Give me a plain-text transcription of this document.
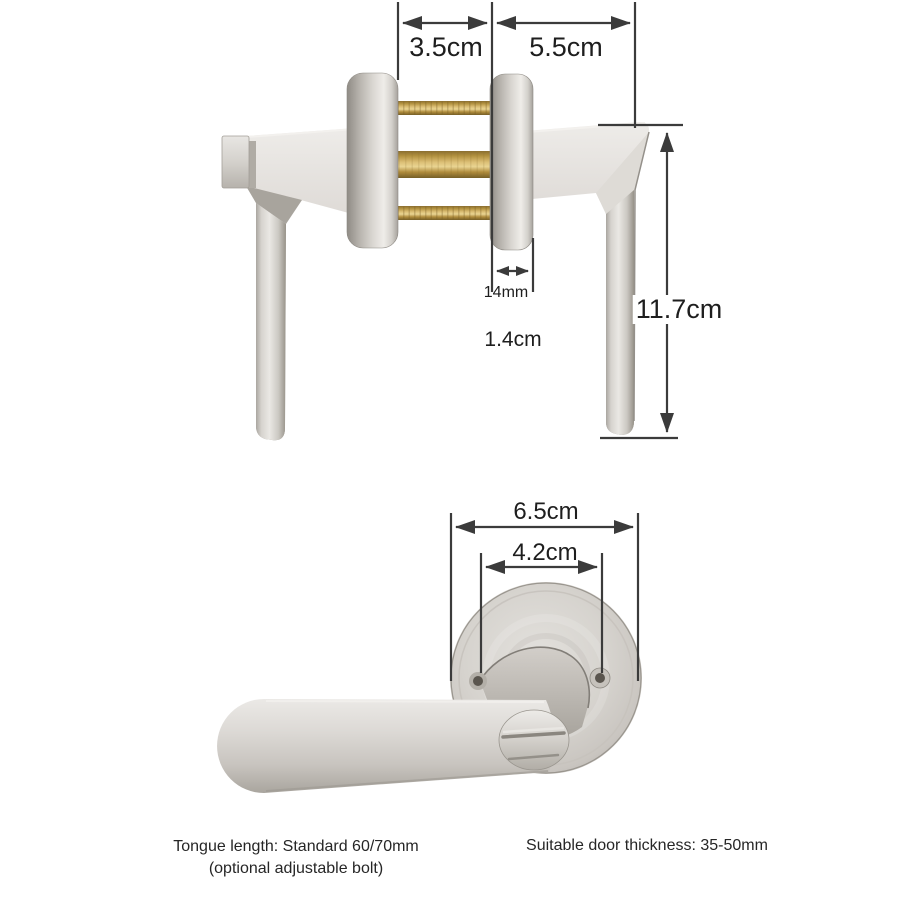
3.5cm 5.5cm
14mm
1.4cm
11.7cm
6.5cm
4.2cm
Tongue length: Standard 60/70mm
(optional adjustable bolt)
Suitable door thickness: 35-50mm
